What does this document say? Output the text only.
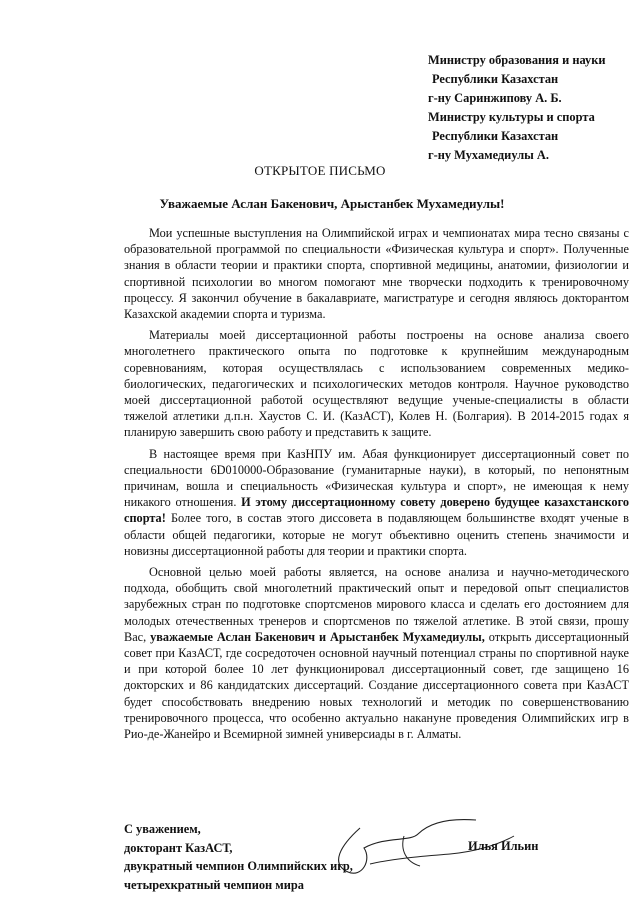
Министру образования и науки
Республики Казахстан
г-ну Саринжипову А. Б.
Министру культуры и спорта
Республики Казахстан
г-ну Мухамедиулы А.
ОТКРЫТОЕ ПИСЬМО
Уважаемые Аслан Бакенович, Арыстанбек Мухамедиулы!

Мои успешные выступления на Олимпийской играх и чемпионатах мира тесно связаны с образовательной программой по специальности «Физическая культура и спорт». Полученные знания в области теории и практики спорта, спортивной медицины, анатомии, физиологии и спортивной психологии во многом помогают мне творчески подходить к тренировочному процессу. Я закончил обучение в бакалавриате, магистратуре и сегодня являюсь докторантом Казахской академии спорта и туризма.

Материалы моей диссертационной работы построены на основе анализа своего многолетнего практического опыта по подготовке к крупнейшим международным соревнованиям, которая осуществлялась с использованием современных медико-биологических, педагогических и психологических методов контроля. Научное руководство моей диссертационной работой осуществляют ведущие ученые-специалисты в области тяжелой атлетики д.п.н. Хаустов С. И. (КазАСТ), Колев Н. (Болгария). В 2014-2015 годах я планирую завершить свою работу и представить к защите.

В настоящее время при КазНПУ им. Абая функционирует диссертационный совет по специальности 6D010000-Образование (гуманитарные науки), в который, по непонятным причинам, вошла и специальность «Физическая культура и спорт», не имеющая к нему никакого отношения. И этому диссертационному совету доверено будущее казахстанского спорта! Более того, в состав этого диссовета в подавляющем большинстве входят ученые в области общей педагогики, которые не могут объективно оценить степень значимости и новизны диссертационной работы для теории и практики спорта.

Основной целью моей работы является, на основе анализа и научно-методического подхода, обобщить свой многолетний практический опыт и передовой опыт специалистов зарубежных стран по подготовке спортсменов мирового класса и сделать его достоянием для молодых отечественных тренеров и спортсменов по тяжелой атлетике. В этой связи, прошу Вас, уважаемые Аслан Бакенович и Арыстанбек Мухамедиулы, открыть диссертационный совет при КазАСТ, где сосредоточен основной научный потенциал страны по спортивной науке и при которой более 10 лет функционировал диссертационный совет, где защищено 16 докторских и 86 кандидатских диссертаций. Создание диссертационного совета при КазАСТ будет способствовать внедрению новых технологий и методик по совершенствованию тренировочного процесса, что особенно актуально накануне проведения Олимпийских игр в Рио-де-Жанейро и Всемирной зимней универсиады в г. Алматы.

С уважением,
докторант КазАСТ,
двукратный чемпион Олимпийских игр,
четырехкратный чемпион мира
Илья Ильин
